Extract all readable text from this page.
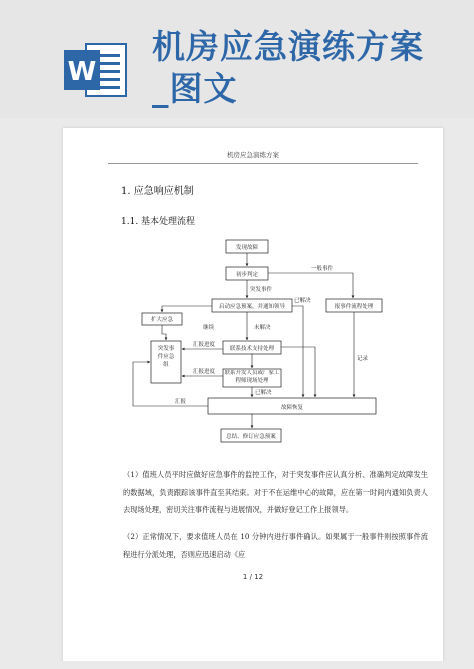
W
机房应急演练方案
_图文
机房应急演练方案
1. 应急响应机制
1.1. 基本处理流程
发现故障
初步判定
启动应急预案，并通知领导
扩大应急
报事件流程处理
联系技术支持处理
突发事件应急组
联系开发人员或厂家工程师现场处理
故障恢复
总结、修订应急预案
一般事件
突发事件
已解决
继续	未解决
汇报进度
汇报进度
已解决
汇报
记录

（1）值班人员平时应做好应急事件的监控工作，对于突发事件应认真分析、准确判定故障发生的数据域，负责跟踪该事件直至其结束。对于不在运维中心的故障，应在第一时间内通知负责人去现场处理，密切关注事件流程与进展情况，并做好登记工作上报领导。

（2）正常情况下，要求值班人员在 10 分钟内进行事件确认。如果属于一般事件则按照事件流程进行分派处理，否则应迅速启动《应

1 / 12
